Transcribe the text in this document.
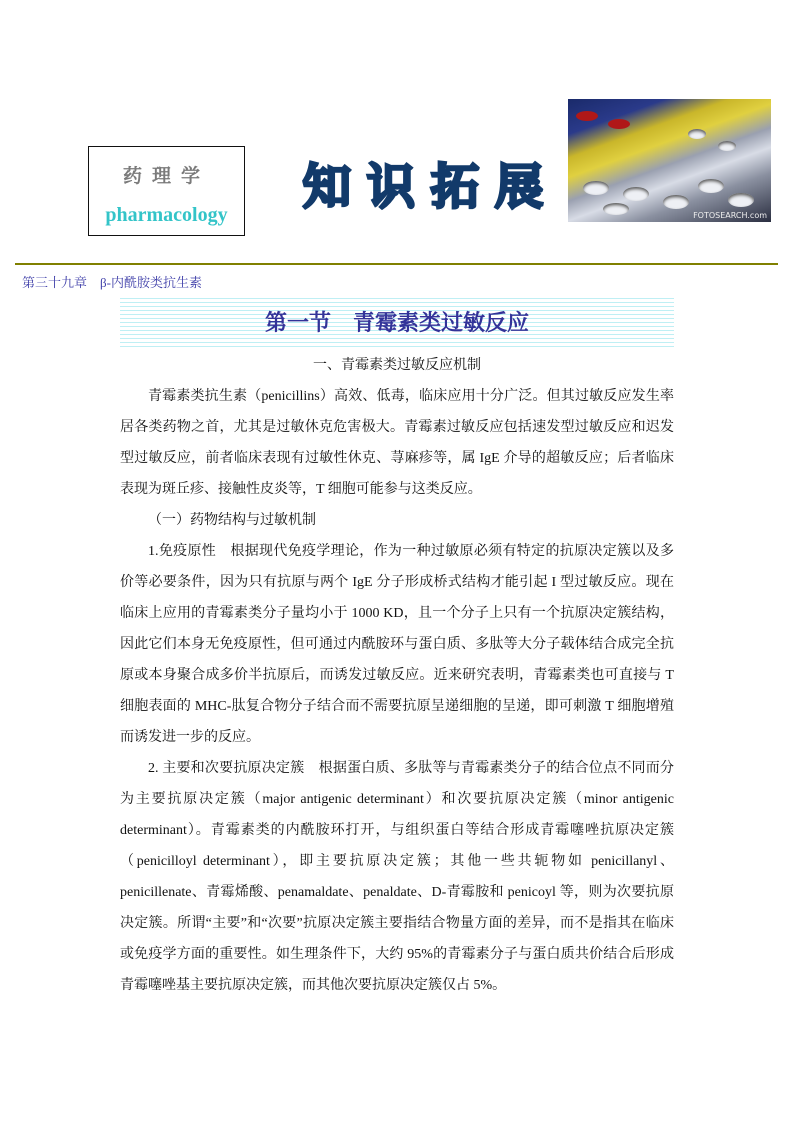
药理学
pharmacology	知识拓展
FOTOSEARCH.com
第三十九章　β-内酰胺类抗生素
第一节　青霉素类过敏反应

一、青霉素类过敏反应机制

青霉素类抗生素（penicillins）高效、低毒，临床应用十分广泛。但其过敏反应发生率居各类药物之首，尤其是过敏休克危害极大。青霉素过敏反应包括速发型过敏反应和迟发型过敏反应，前者临床表现有过敏性休克、荨麻疹等，属 IgE 介导的超敏反应；后者临床表现为斑丘疹、接触性皮炎等，T 细胞可能参与这类反应。

（一）药物结构与过敏机制

1.免疫原性　根据现代免疫学理论，作为一种过敏原必须有特定的抗原决定簇以及多价等必要条件，因为只有抗原与两个 IgE 分子形成桥式结构才能引起 I 型过敏反应。现在临床上应用的青霉素类分子量均小于 1000 KD，且一个分子上只有一个抗原决定簇结构，因此它们本身无免疫原性，但可通过内酰胺环与蛋白质、多肽等大分子载体结合成完全抗原或本身聚合成多价半抗原后，而诱发过敏反应。近来研究表明，青霉素类也可直接与 T 细胞表面的 MHC-肽复合物分子结合而不需要抗原呈递细胞的呈递，即可刺激 T 细胞增殖而诱发进一步的反应。

2. 主要和次要抗原决定簇　根据蛋白质、多肽等与青霉素类分子的结合位点不同而分为主要抗原决定簇（major antigenic determinant）和次要抗原决定簇（minor antigenic determinant）。青霉素类的内酰胺环打开，与组织蛋白等结合形成青霉噻唑抗原决定簇（penicilloyl determinant），即主要抗原决定簇；其他一些共轭物如 penicillanyl、penicillenate、青霉烯酸、penamaldate、penaldate、D-青霉胺和 penicoyl 等，则为次要抗原决定簇。所谓“主要”和“次要”抗原决定簇主要指结合物量方面的差异，而不是指其在临床或免疫学方面的重要性。如生理条件下，大约 95%的青霉素分子与蛋白质共价结合后形成青霉噻唑基主要抗原决定簇，而其他次要抗原决定簇仅占 5%。
